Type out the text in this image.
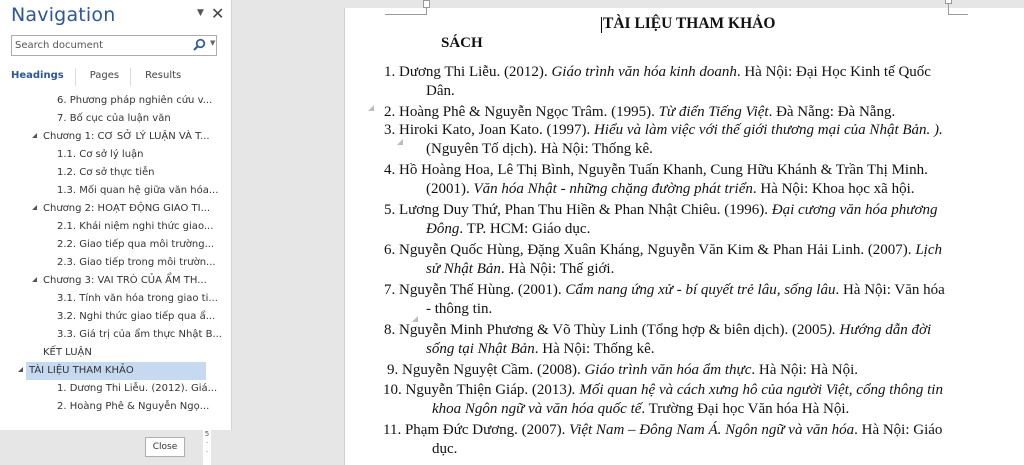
Navigation	▼ ✕
Search document
▼
Headings	Pages	Results
6. Phương pháp nghiên cứu v...
7. Bố cục của luận văn
Chương 1: CƠ SỞ LÝ LUẬN VÀ T...
1.1. Cơ sở lý luận
1.2. Cơ sở thực tiễn
1.3. Mối quan hệ giữa văn hóa...
Chương 2: HOẠT ĐỘNG GIAO TI...
2.1. Khái niệm nghi thức giao...
2.2. Giao tiếp qua môi trường...
2.3. Giao tiếp trong môi trườn...
Chương 3: VAI TRÒ CỦA ẨM TH...
3.1. Tính văn hóa trong giao ti...
3.2. Nghi thức giao tiếp qua ẩ...
3.3. Giá trị của ẩm thực Nhật B...
KẾT LUẬN
TÀI LIỆU THAM KHẢO
1. Dương Thi Liễu. (2012). Giá...
2. Hoàng Phê & Nguyễn Ngọ...
Close
5
·
·
TÀI LIỆU THAM KHẢO
SÁCH
1. Dương Thi Liễu. (2012). Giáo trình văn hóa kinh doanh. Hà Nội: Đại Học Kinh tế Quốc
Dân.
2. Hoàng Phê & Nguyễn Ngọc Trâm. (1995). Từ điển Tiếng Việt. Đà Nẵng: Đà Nẵng.
3. Hiroki Kato, Joan Kato. (1997). Hiểu và làm việc với thế giới thương mại của Nhật Bản. ).
(Nguyên Tố dịch). Hà Nội: Thống kê.
4. Hồ Hoàng Hoa, Lê Thị Bình, Nguyễn Tuấn Khanh, Cung Hữu Khánh & Trần Thị Minh.
(2001). Văn hóa Nhật - những chặng đường phát triển. Hà Nội: Khoa học xã hội.
5. Lương Duy Thứ, Phan Thu Hiền & Phan Nhật Chiêu. (1996). Đại cương văn hóa phương
Đông. TP. HCM: Giáo dục.
6. Nguyễn Quốc Hùng, Đặng Xuân Kháng, Nguyễn Văn Kim & Phan Hải Linh. (2007). Lịch
sử Nhật Bản. Hà Nội: Thế giới.
7. Nguyễn Thế Hùng. (2001). Cẩm nang ứng xử - bí quyết trẻ lâu, sống lâu. Hà Nội: Văn hóa
- thông tin.
8. Nguyễn Minh Phương & Võ Thùy Linh (Tổng hợp & biên dịch). (2005). Hướng dẫn đời
sống tại Nhật Bản. Hà Nội: Thống kê.
9. Nguyễn Nguyệt Cầm. (2008). Giáo trình văn hóa ẩm thực. Hà Nội: Hà Nội.
10. Nguyễn Thiện Giáp. (2013). Mối quan hệ và cách xưng hô của người Việt, cổng thông tin
khoa Ngôn ngữ và văn hóa quốc tế. Trường Đại học Văn hóa Hà Nội.
11. Phạm Đức Dương. (2007). Việt Nam – Đông Nam Á. Ngôn ngữ và văn hóa. Hà Nội: Giáo
dục.
